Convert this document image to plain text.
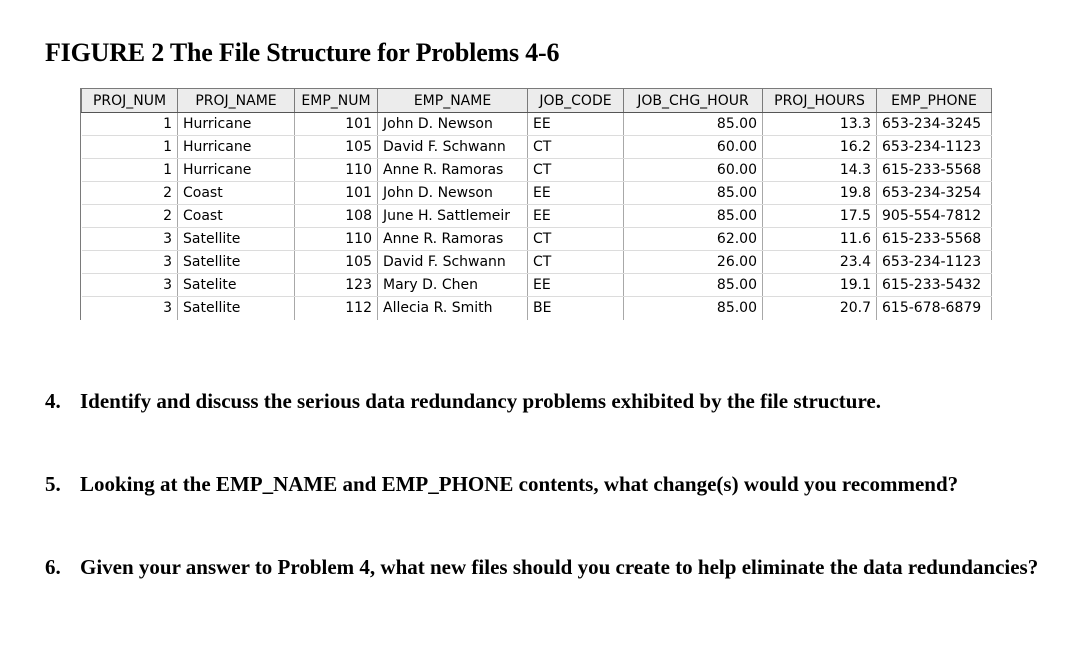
FIGURE 2 The File Structure for Problems 4-6
PROJ_NUM	PROJ_NAME	EMP_NUM	EMP_NAME	JOB_CODE	JOB_CHG_HOUR	PROJ_HOURS	EMP_PHONE
1	Hurricane	101	John D. Newson	EE	85.00	13.3	653-234-3245
1	Hurricane	105	David F. Schwann	CT	60.00	16.2	653-234-1123
1	Hurricane	110	Anne R. Ramoras	CT	60.00	14.3	615-233-5568
2	Coast	101	John D. Newson	EE	85.00	19.8	653-234-3254
2	Coast	108	June H. Sattlemeir	EE	85.00	17.5	905-554-7812
3	Satellite	110	Anne R. Ramoras	CT	62.00	11.6	615-233-5568
3	Satellite	105	David F. Schwann	CT	26.00	23.4	653-234-1123
3	Satelite	123	Mary D. Chen	EE	85.00	19.1	615-233-5432
3	Satellite	112	Allecia R. Smith	BE	85.00	20.7	615-678-6879
4. Identify and discuss the serious data redundancy problems exhibited by the file structure.
5. Looking at the EMP_NAME and EMP_PHONE contents, what change(s) would you recommend?
6. Given your answer to Problem 4, what new files should you create to help eliminate the data redundancies?
